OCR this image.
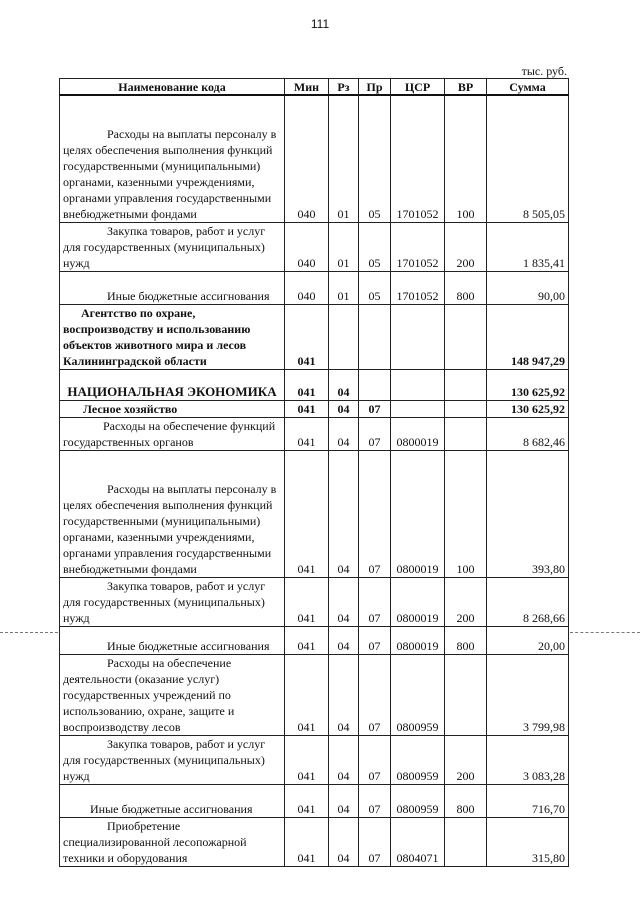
111
тыс. руб.
Наименование кода	Мин	Рз	Пр	ЦСР	ВР	Сумма

Расходы на выплаты персоналу в целях обеспечения выполнения функций государственными (муниципальными) органами, казенными учреждениями, органами управления государственными внебюджетными фондами	040	01	05	1701052	100	8 505,05

Закупка товаров, работ и услуг для государственных (муниципальных) нужд	040	01	05	1701052	200	1 835,41

Иные бюджетные ассигнования	040	01	05	1701052	800	90,00

Агентство по охране, воспроизводству и использованию объектов животного мира и лесов Калининградской области	041					148 947,29

НАЦИОНАЛЬНАЯ ЭКОНОМИКА	041	04				130 625,92

Лесное хозяйство	041	04	07			130 625,92

Расходы на обеспечение функций государственных органов	041	04	07	0800019		8 682,46

Расходы на выплаты персоналу в целях обеспечения выполнения функций государственными (муниципальными) органами, казенными учреждениями, органами управления государственными внебюджетными фондами	041	04	07	0800019	100	393,80

Закупка товаров, работ и услуг для государственных (муниципальных) нужд	041	04	07	0800019	200	8 268,66

Иные бюджетные ассигнования	041	04	07	0800019	800	20,00

Расходы на обеспечение деятельности (оказание услуг) государственных учреждений по использованию, охране, защите и воспроизводству лесов	041	04	07	0800959		3 799,98

Закупка товаров, работ и услуг для государственных (муниципальных) нужд	041	04	07	0800959	200	3 083,28

Иные бюджетные ассигнования	041	04	07	0800959	800	716,70

Приобретение специализированной лесопожарной техники и оборудования	041	04	07	0804071		315,80
